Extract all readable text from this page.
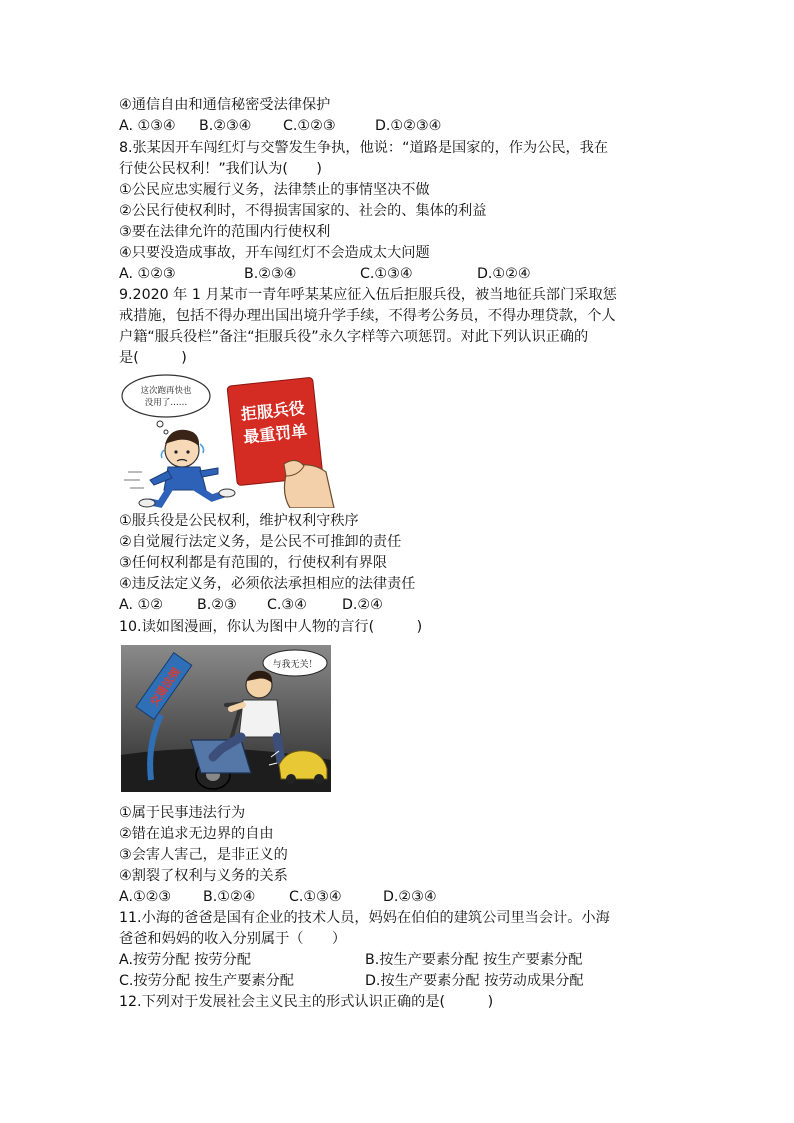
④通信自由和通信秘密受法律保护
A. ①③④	B.②③④	C.①②③	D.①②③④
8.张某因开车闯红灯与交警发生争执，他说：“道路是国家的，作为公民，我在
行使公民权利！”我们认为(　　)
①公民应忠实履行义务，法律禁止的事情坚决不做
②公民行使权利时，不得损害国家的、社会的、集体的利益
③要在法律允许的范围内行使权利
④只要没造成事故，开车闯红灯不会造成太大问题
A. ①②③	B.②③④	C.①③④	D.①②④
9.2020 年 1 月某市一青年呼某某应征入伍后拒服兵役，被当地征兵部门采取惩
戒措施，包括不得办理出国出境升学手续，不得考公务员，不得办理贷款，个人
户籍“服兵役栏”备注“拒服兵役”永久字样等六项惩罚。对此下列认识正确的
是(　　　)
这次跑再快也
没用了……	拒服兵役
最重罚单
①服兵役是公民权利，维护权利守秩序
②自觉履行法定义务，是公民不可推卸的责任
③任何权利都是有范围的，行使权利有界限
④违反法定义务，必须依法承担相应的法律责任
A. ①②	B.②③	C.③④	D.②④
10.读如图漫画，你认为图中人物的言行(　　　)
交通法规
与我无关！
①属于民事违法行为
②错在追求无边界的自由
③会害人害己，是非正义的
④割裂了权利与义务的关系
A.①②③	B.①②④	C.①③④	D.②③④
11.小海的爸爸是国有企业的技术人员，妈妈在伯伯的建筑公司里当会计。小海
爸爸和妈妈的收入分别属于（　　）
A.按劳分配 按劳分配	B.按生产要素分配 按生产要素分配
C.按劳分配 按生产要素分配	D.按生产要素分配 按劳动成果分配
12.下列对于发展社会主义民主的形式认识正确的是(　　　)
